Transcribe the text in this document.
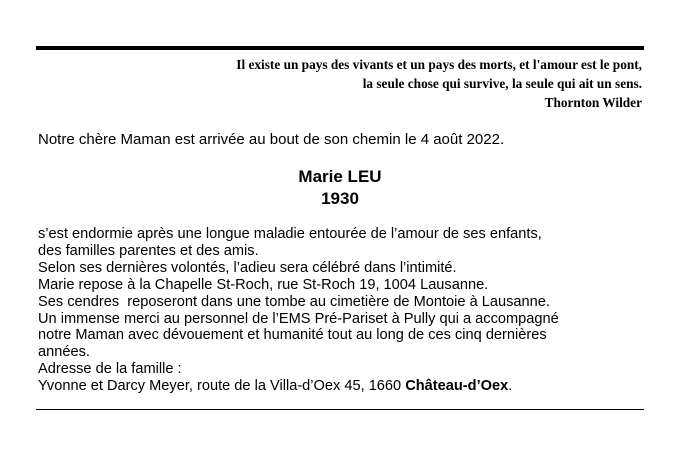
Il existe un pays des vivants et un pays des morts, et l'amour est le pont,
la seule chose qui survive, la seule qui ait un sens.
Thornton Wilder
Notre chère Maman est arrivée au bout de son chemin le 4 août 2022.
Marie LEU
1930
s’est endormie après une longue maladie entourée de l’amour de ses enfants,
des familles parentes et des amis.
Selon ses dernières volontés, l’adieu sera célébré dans l’intimité.
Marie repose à la Chapelle St-Roch, rue St-Roch 19, 1004 Lausanne.
Ses cendres  reposeront dans une tombe au cimetière de Montoie à Lausanne.
Un immense merci au personnel de l’EMS Pré-Pariset à Pully qui a accompagné
notre Maman avec dévouement et humanité tout au long de ces cinq dernières
années.
Adresse de la famille :
Yvonne et Darcy Meyer, route de la Villa-d’Oex 45, 1660 Château-d’Oex.
